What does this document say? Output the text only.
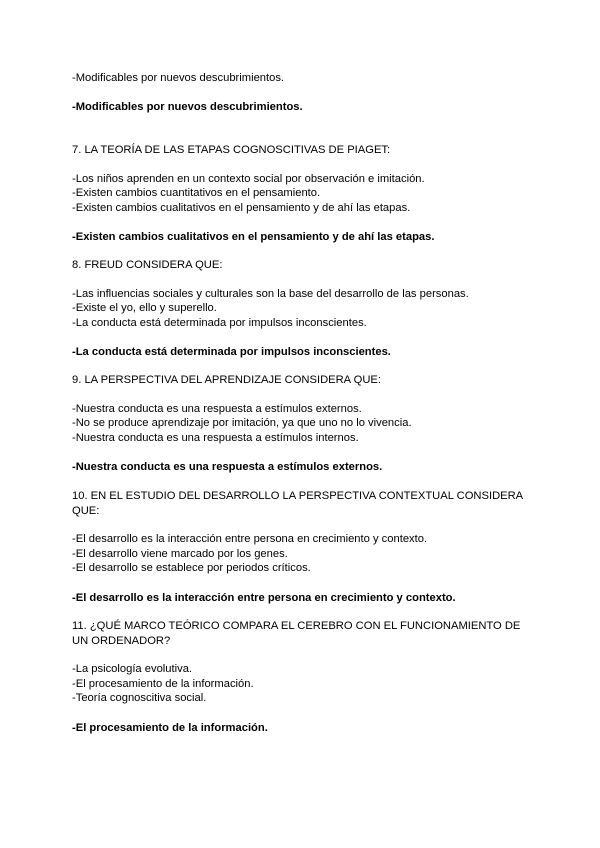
-Modificables por nuevos descubrimientos.
-Modificables por nuevos descubrimientos.
7. LA TEORÍA DE LAS ETAPAS COGNOSCITIVAS DE PIAGET:
-Los niños aprenden en un contexto social por observación e imitación.
-Existen cambios cuantitativos en el pensamiento.
-Existen cambios cualitativos en el pensamiento y de ahí las etapas.
-Existen cambios cualitativos en el pensamiento y de ahí las etapas.
8. FREUD CONSIDERA QUE:
-Las influencias sociales y culturales son la base del desarrollo de las personas.
-Existe el yo, ello y superello.
-La conducta está determinada por impulsos inconscientes.
-La conducta está determinada por impulsos inconscientes.
9. LA PERSPECTIVA DEL APRENDIZAJE CONSIDERA QUE:
-Nuestra conducta es una respuesta a estímulos externos.
-No se produce aprendizaje por imitación, ya que uno no lo vivencia.
-Nuestra conducta es una respuesta a estímulos internos.
-Nuestra conducta es una respuesta a estímulos externos.
10. EN EL ESTUDIO DEL DESARROLLO LA PERSPECTIVA CONTEXTUAL CONSIDERA QUE:
-El desarrollo es la interacción entre persona en crecimiento y contexto.
-El desarrollo viene marcado por los genes.
-El desarrollo se establece por periodos críticos.
-El desarrollo es la interacción entre persona en crecimiento y contexto.
11. ¿QUÉ MARCO TEÓRICO COMPARA EL CEREBRO CON EL FUNCIONAMIENTO DE UN ORDENADOR?
-La psicología evolutiva.
-El procesamiento de la información.
-Teoría cognoscitiva social.
-El procesamiento de la información.
